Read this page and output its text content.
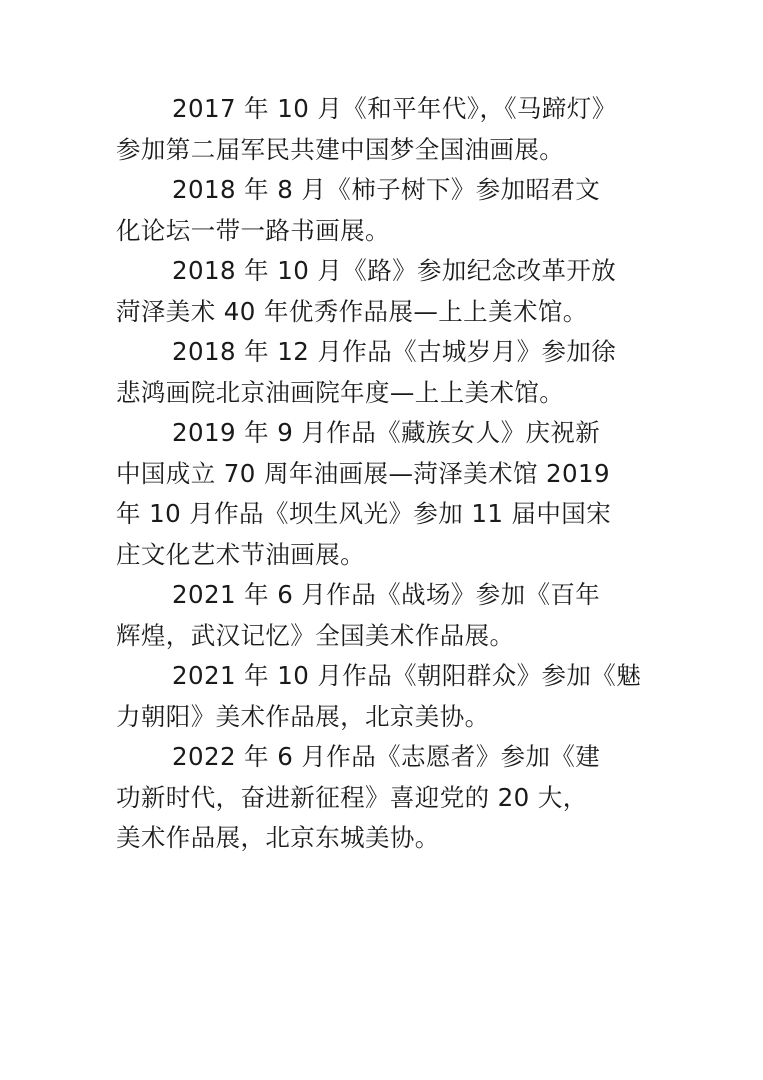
2017 年 10 月《和平年代》，《马蹄灯》
参加第二届军民共建中国梦全国油画展。
2018 年 8 月《柿子树下》参加昭君文
化论坛一带一路书画展。
2018 年 10 月《路》参加纪念改革开放
菏泽美术 40 年优秀作品展—上上美术馆。
2018 年 12 月作品《古城岁月》参加徐
悲鸿画院北京油画院年度—上上美术馆。
2019 年 9 月作品《藏族女人》庆祝新
中国成立 70 周年油画展—菏泽美术馆 2019
年 10 月作品《坝生风光》参加 11 届中国宋
庄文化艺术节油画展。
2021 年 6 月作品《战场》参加《百年
辉煌，武汉记忆》全国美术作品展。
2021 年 10 月作品《朝阳群众》参加《魅
力朝阳》美术作品展，北京美协。
2022 年 6 月作品《志愿者》参加《建
功新时代，奋进新征程》喜迎党的 20 大，
美术作品展，北京东城美协。
